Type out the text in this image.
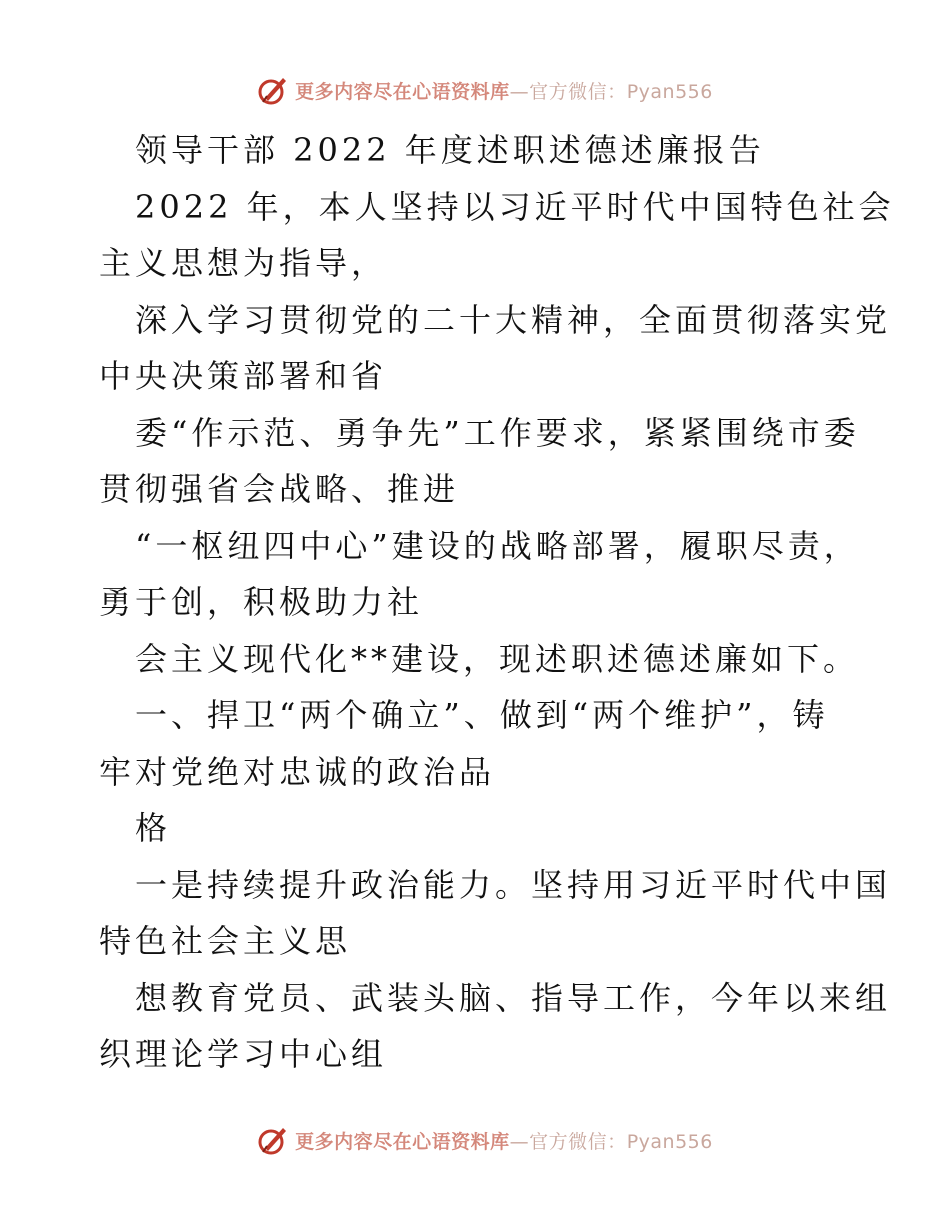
更多内容尽在心语资料库—官方微信：Pyan556
领导干部 2022 年度述职述德述廉报告
2022 年，本人坚持以习近平时代中国特色社会
主义思想为指导，
深入学习贯彻党的二十大精神，全面贯彻落实党
中央决策部署和省
委“作示范、勇争先”工作要求，紧紧围绕市委
贯彻强省会战略、推进
“一枢纽四中心”建设的战略部署，履职尽责，
勇于创，积极助力社
会主义现代化**建设，现述职述德述廉如下。
一、捍卫“两个确立”、做到“两个维护”，铸
牢对党绝对忠诚的政治品
格
一是持续提升政治能力。坚持用习近平时代中国
特色社会主义思
想教育党员、武装头脑、指导工作，今年以来组
织理论学习中心组
更多内容尽在心语资料库—官方微信：Pyan556
